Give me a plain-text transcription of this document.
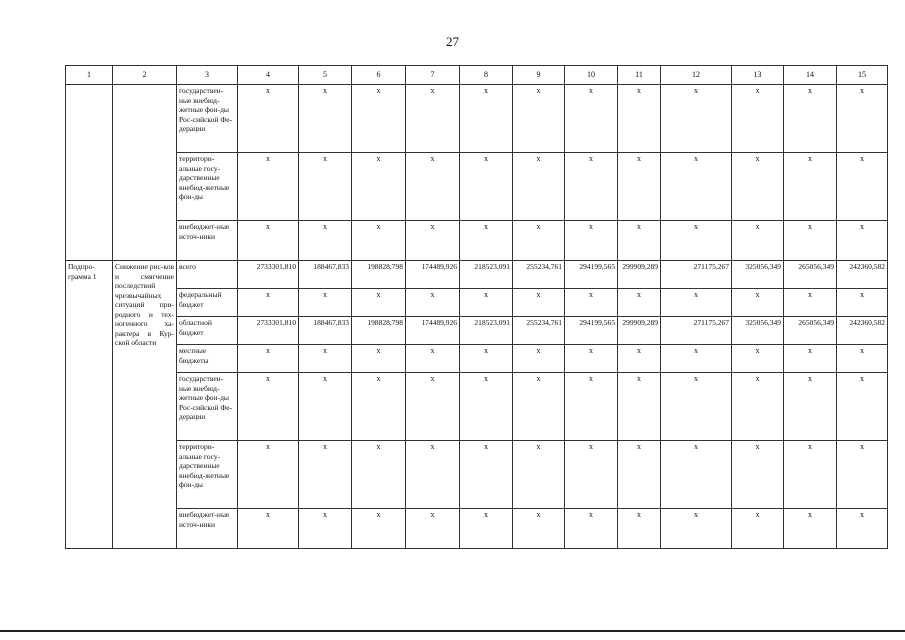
27
1	2	3	4	5	6	7	8	9	10	11	12	13	14	15
		государствен-ные внебюд-жетные фон-ды Рос-сийской Фе-дерации	x	x	x	x	x	x	x	x	x	x	x	x
		территори-альные госу-дарственные внебюд-жетные фон-ды	x	x	x	x	x	x	x	x	x	x	x	x
		внебюджет-ные источ-ники	x	x	x	x	x	x	x	x	x	x	x	x
Подпро-грамма 1	Снижение рис-ков и смягчение последствий чрезвычайных ситуаций при-родного и тех-ногенного ха-рактера в Кур-ской области	всего	2733301,810	188467,833	198828,798	174489,926	218523,091	255234,761	294199,565	299909,289	271175,267	325056,349	265056,349	242360,582
		федеральный бюджет	x	x	x	x	x	x	x	x	x	x	x	x
		областной бюджет	2733301,810	188467,833	198828,798	174489,926	218523,091	255234,761	294199,565	299909,289	271175,267	325056,349	265056,349	242360,582
		местные бюджеты	x	x	x	x	x	x	x	x	x	x	x	x
		государствен-ные внебюд-жетные фон-ды Рос-сийской Фе-дерации	x	x	x	x	x	x	x	x	x	x	x	x
		территори-альные госу-дарственные внебюд-жетные фон-ды	x	x	x	x	x	x	x	x	x	x	x	x
		внебюджет-ные источ-ники	x	x	x	x	x	x	x	x	x	x	x	x
